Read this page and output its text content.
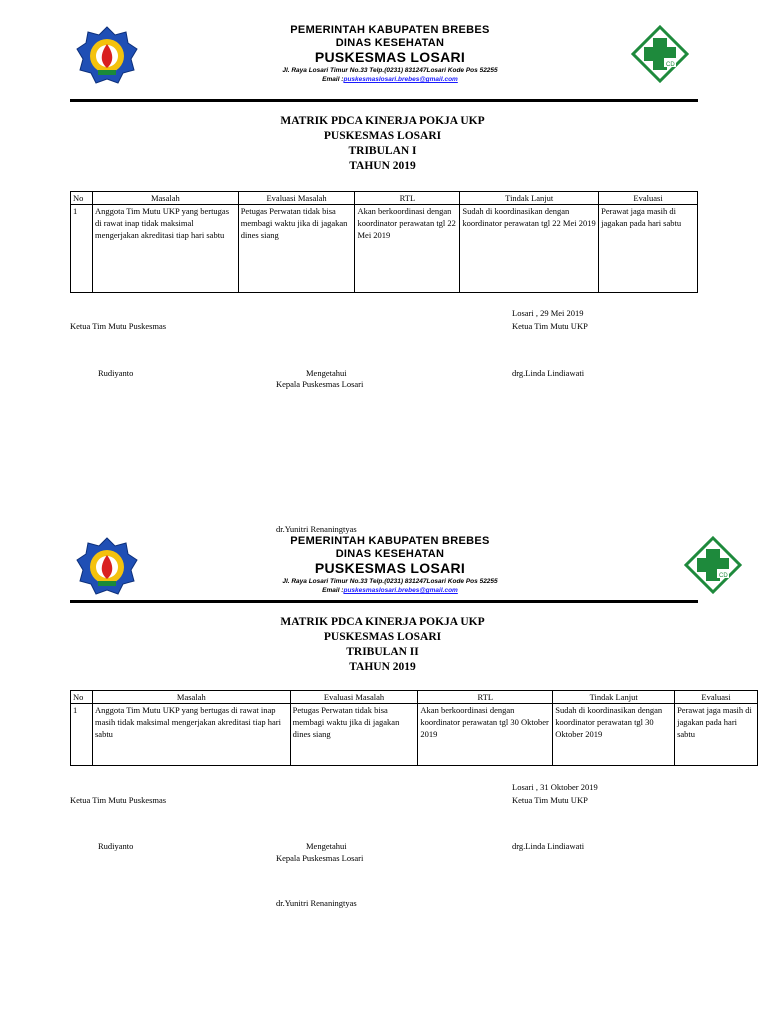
PEMERINTAH KABUPATEN BREBES
DINAS KESEHATAN
PUSKESMAS LOSARI
Jl. Raya Losari Timur No.33 Telp.(0231) 831247Losari Kode Pos 52255
Email :puskesmaslosari.brebes@gmail.com
CD
MATRIK PDCA KINERJA POKJA UKP
PUSKESMAS LOSARI
TRIBULAN I
TAHUN 2019
No	Masalah	Evaluasi Masalah	RTL	Tindak Lanjut	Evaluasi
1	Anggota Tim Mutu UKP yang bertugas di rawat inap tidak maksimal mengerjakan akreditasi tiap hari sabtu	Petugas Perwatan tidak bisa membagi waktu jika di jagakan dines siang	Akan berkoordinasi dengan koordinator perawatan tgl 22 Mei 2019	Sudah di koordinasikan dengan koordinator perawatan tgl 22 Mei 2019	Perawat jaga masih di jagakan pada hari sabtu
Losari , 29 Mei 2019
Ketua Tim Mutu Puskesmas	Ketua Tim Mutu UKP
Rudiyanto	Mengetahui	drg.Linda Lindiawati
Kepala Puskesmas Losari
dr.Yunitri Renaningtyas
PEMERINTAH KABUPATEN BREBES
DINAS KESEHATAN
PUSKESMAS LOSARI
Jl. Raya Losari Timur No.33 Telp.(0231) 831247Losari Kode Pos 52255
Email :puskesmaslosari.brebes@gmail.com
CD
MATRIK PDCA KINERJA POKJA UKP
PUSKESMAS LOSARI
TRIBULAN II
TAHUN 2019
No	Masalah	Evaluasi Masalah	RTL	Tindak Lanjut	Evaluasi
1	Anggota Tim Mutu UKP yang bertugas di rawat inap masih tidak maksimal mengerjakan akreditasi tiap hari sabtu	Petugas Perwatan tidak bisa membagi waktu jika di jagakan dines siang	Akan berkoordinasi dengan koordinator perawatan tgl 30 Oktober 2019	Sudah di koordinasikan dengan koordinator perawatan tgl 30 Oktober 2019	Perawat jaga masih di jagakan pada hari sabtu
Losari , 31 Oktober 2019
Ketua Tim Mutu Puskesmas	Ketua Tim Mutu UKP
Rudiyanto	Mengetahui	drg.Linda Lindiawati
Kepala Puskesmas Losari
dr.Yunitri Renaningtyas
